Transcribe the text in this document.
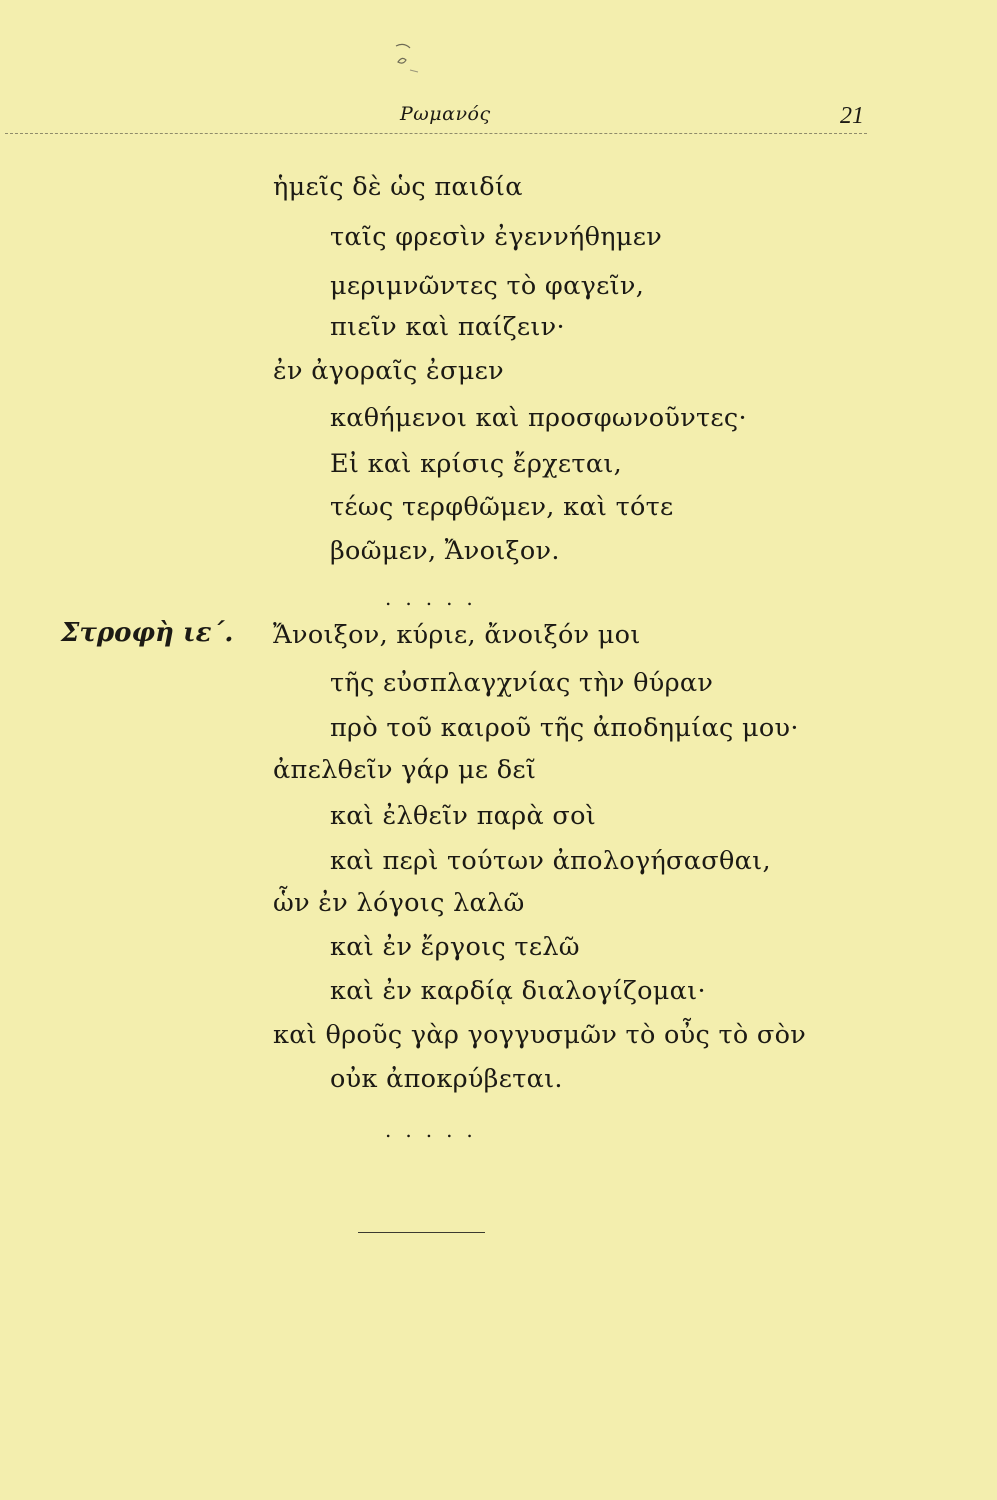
Ρωμανός	21
ἡμεῖς δὲ ὡς παιδία
ταῖς φρεσὶν ἐγεννήθημεν
μεριμνῶντες τὸ φαγεῖν,
πιεῖν καὶ παίζειν·
ἐν ἀγοραῖς ἐσμεν
καθήμενοι καὶ προσφωνοῦντες·
Εἰ καὶ κρίσις ἔρχεται,
τέως τερφθῶμεν, καὶ τότε
βοῶμεν, Ἄνοιξον.
.....
Στροφὴ ιε΄. Ἄνοιξον, κύριε, ἄνοιξόν μοι
τῆς εὐσπλαγχνίας τὴν θύραν
πρὸ τοῦ καιροῦ τῆς ἀποδημίας μου·
ἀπελθεῖν γάρ με δεῖ
καὶ ἐλθεῖν παρὰ σοὶ
καὶ περὶ τούτων ἀπολογήσασθαι,
ὧν ἐν λόγοις λαλῶ
καὶ ἐν ἔργοις τελῶ
καὶ ἐν καρδίᾳ διαλογίζομαι·
καὶ θροῦς γὰρ γογγυσμῶν τὸ οὖς τὸ σὸν
οὐκ ἀποκρύβεται.
.....
